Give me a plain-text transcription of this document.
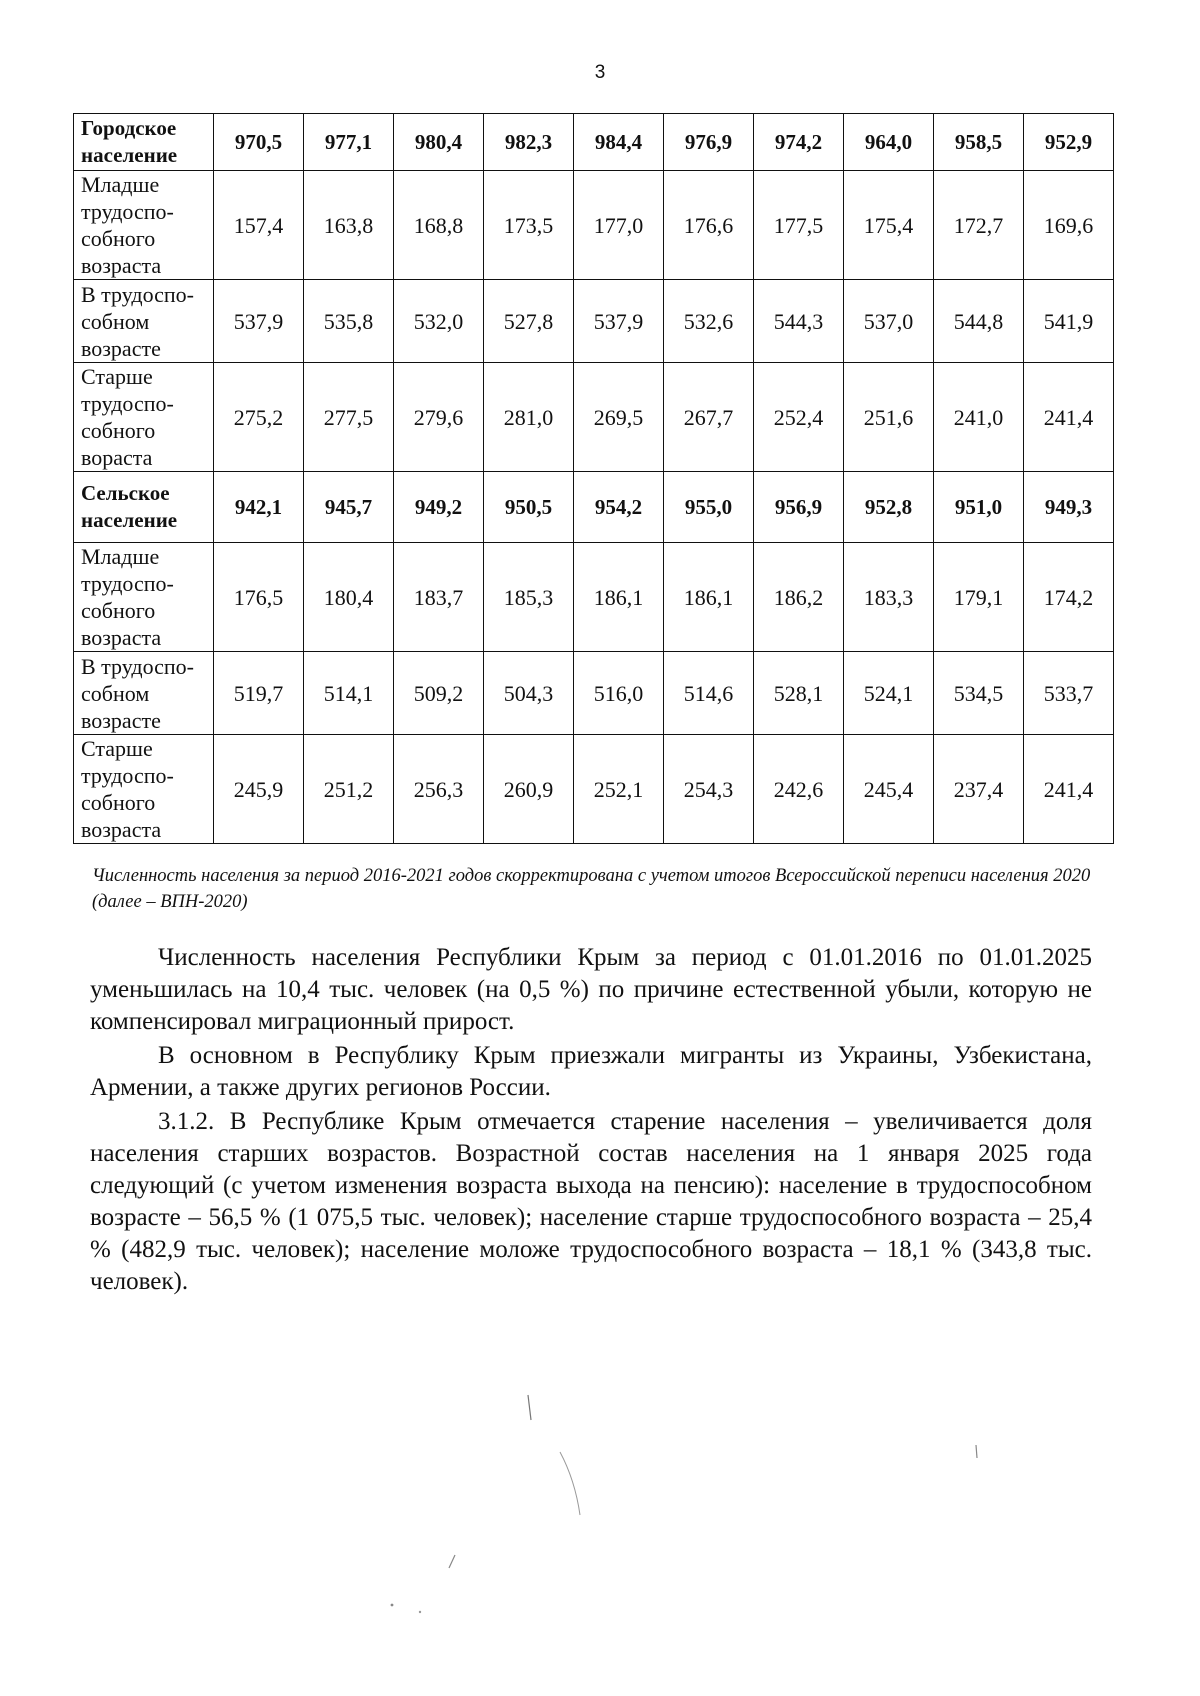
3
Городское население	970,5	977,1	980,4	982,3	984,4	976,9	974,2	964,0	958,5	952,9
Младше трудоспо-собного возраста	157,4	163,8	168,8	173,5	177,0	176,6	177,5	175,4	172,7	169,6
В трудоспо-собном возрасте	537,9	535,8	532,0	527,8	537,9	532,6	544,3	537,0	544,8	541,9
Старше трудоспо-собного вораста	275,2	277,5	279,6	281,0	269,5	267,7	252,4	251,6	241,0	241,4
Сельское население	942,1	945,7	949,2	950,5	954,2	955,0	956,9	952,8	951,0	949,3
Младше трудоспо-собного возраста	176,5	180,4	183,7	185,3	186,1	186,1	186,2	183,3	179,1	174,2
В трудоспо-собном возрасте	519,7	514,1	509,2	504,3	516,0	514,6	528,1	524,1	534,5	533,7
Старше трудоспо-собного возраста	245,9	251,2	256,3	260,9	252,1	254,3	242,6	245,4	237,4	241,4
Численность населения за период 2016-2021 годов скорректирована с учетом итогов Всероссийской переписи населения 2020 (далее – ВПН-2020)

Численность населения Республики Крым за период с 01.01.2016 по 01.01.2025 уменьшилась на 10,4 тыс. человек (на 0,5 %) по причине естественной убыли, которую не компенсировал миграционный прирост.

В основном в Республику Крым приезжали мигранты из Украины, Узбекистана, Армении, а также других регионов России.

3.1.2. В Республике Крым отмечается старение населения – увеличивается доля населения старших возрастов. Возрастной состав населения на 1 января 2025 года следующий (с учетом изменения возраста выхода на пенсию): население в трудоспособном возрасте – 56,5 % (1 075,5 тыс. человек); население старше трудоспособного возраста – 25,4 % (482,9 тыс. человек); население моложе трудоспособного возраста – 18,1 % (343,8 тыс. человек).
